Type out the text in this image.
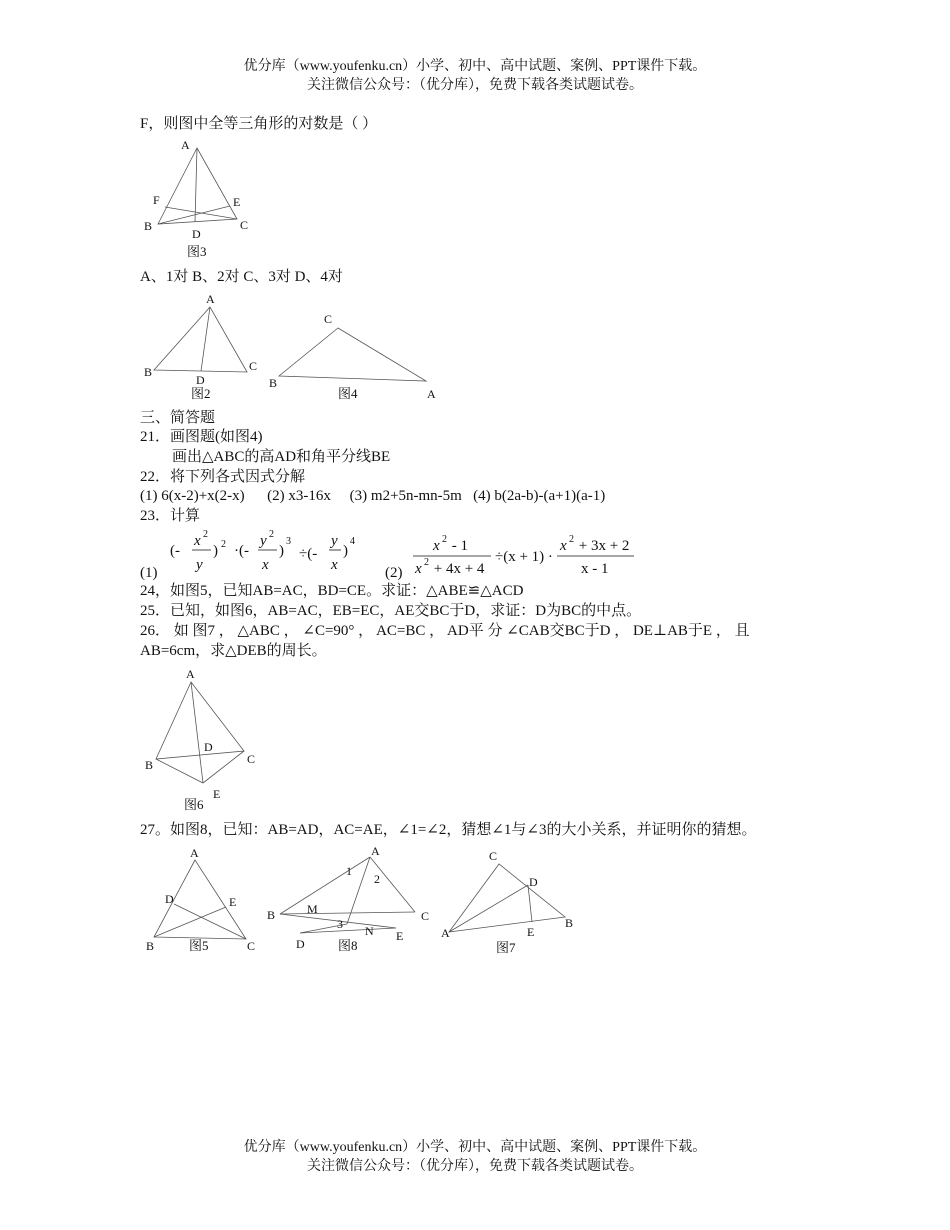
优分库（www.youfenku.cn）小学、初中、高中试题、案例、PPT课件下载。
关注微信公众号：（优分库），免费下载各类试题试卷。
F，则图中全等三角形的对数是（ ）
A
F	E
B
D
C
图3
A、1对 B、2对 C、3对 D、4对
A
B	C
D
图2
C
B
A
图4
三、简答题
21．画图题(如图4)
画出△ABC的高AD和角平分线BE
22．将下列各式因式分解
(1) 6(x-2)+x(2-x)      (2) x3-16x     (3) m2+5n-mn-5m   (4) b(2a-b)-(a+1)(a-1)
23．计算
(1)
(-
x 2
y
) 2 ·(-
y 2
x
)
3
÷(-
y
x
)
4
(2)
x 2 - 1
x 2 + 4x + 4
÷(x + 1) ·
x 2 + 3x + 2
x - 1
24，如图5，已知AB=AC，BD=CE。求证：△ABE≌△ACD
25．已知，如图6，AB=AC，EB=EC，AE交BC于D，求证：D为BC的中点。
26． 如 图7 ， △ABC ， ∠C=90° ， AC=BC ， AD平 分 ∠CAB交BC于D ， DE⊥AB于E ， 且
AB=6cm，求△DEB的周长。
A
B	C
D
E
图6
27。如图8，已知：AB=AD，AC=AE，∠1=∠2，猜想∠1与∠3的大小关系，并证明你的猜想。
A
D	E
B	C
图5
A
1
2
M
B
3
C
N E
D	图8
C
D
A	E
B
图7
优分库（www.youfenku.cn）小学、初中、高中试题、案例、PPT课件下载。
关注微信公众号：（优分库），免费下载各类试题试卷。
